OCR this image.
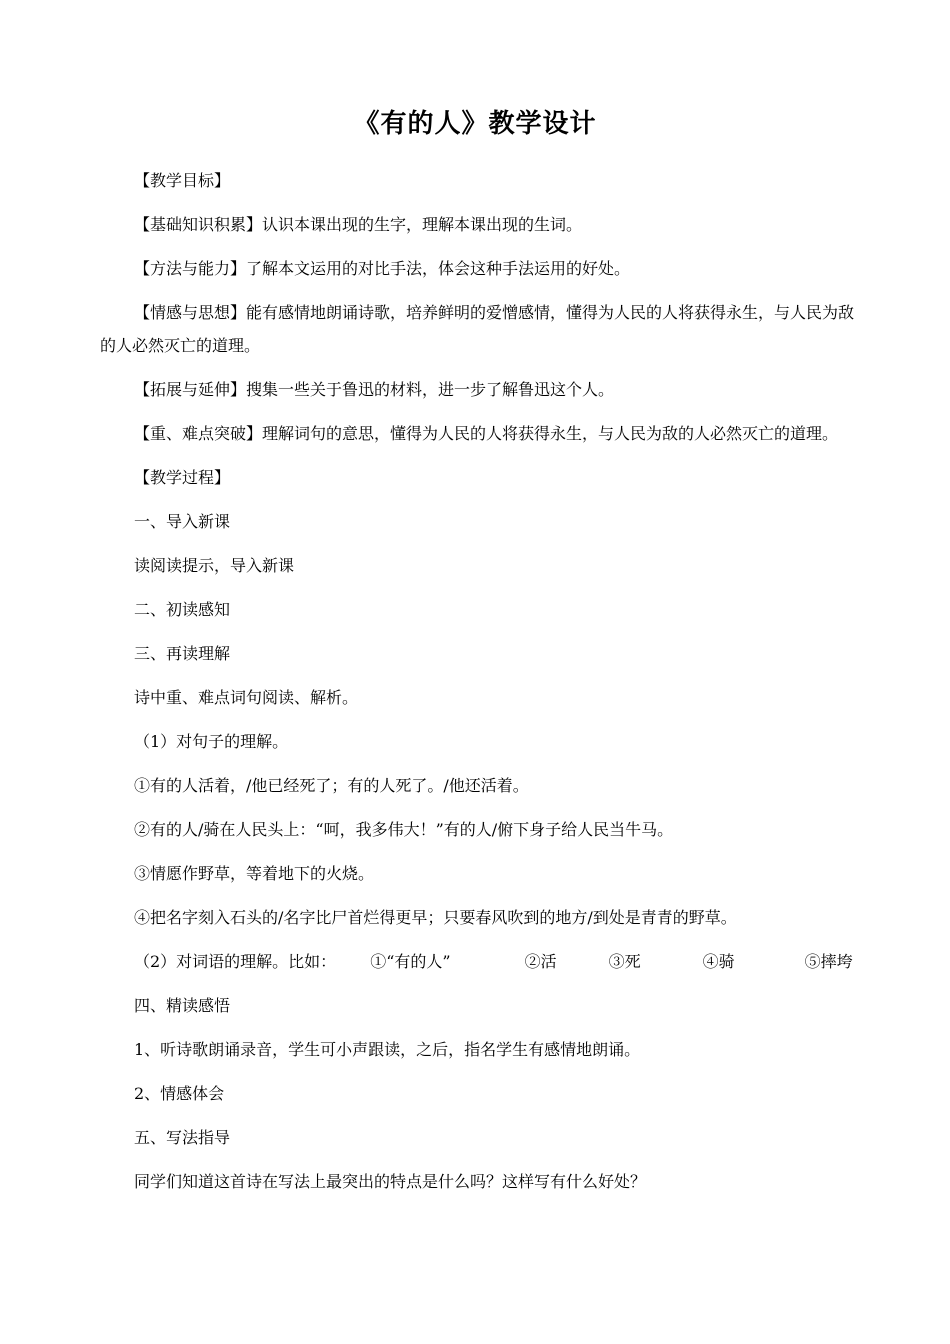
《有的人》教学设计

【教学目标】

【基础知识积累】认识本课出现的生字，理解本课出现的生词。

【方法与能力】了解本文运用的对比手法，体会这种手法运用的好处。

【情感与思想】能有感情地朗诵诗歌，培养鲜明的爱憎感情，懂得为人民的人将获得永生，与人民为敌的人必然灭亡的道理。

【拓展与延伸】搜集一些关于鲁迅的材料，进一步了解鲁迅这个人。

【重、难点突破】理解词句的意思，懂得为人民的人将获得永生，与人民为敌的人必然灭亡的道理。

【教学过程】

一、导入新课

读阅读提示，导入新课

二、初读感知

三、再读理解

诗中重、难点词句阅读、解析。

（1）对句子的理解。

①有的人活着，/他已经死了；有的人死了。/他还活着。

②有的人/骑在人民头上：“呵，我多伟大！”有的人/俯下身子给人民当牛马。

③情愿作野草，等着地下的火烧。

④把名字刻入石头的/名字比尸首烂得更早；只要春风吹到的地方/到处是青青的野草。

（2）对词语的理解。比如： ①“有的人”	②活	③死	④骑	⑤摔垮

四、精读感悟

1、听诗歌朗诵录音，学生可小声跟读，之后，指名学生有感情地朗诵。

2、情感体会

五、写法指导

同学们知道这首诗在写法上最突出的特点是什么吗？这样写有什么好处？
